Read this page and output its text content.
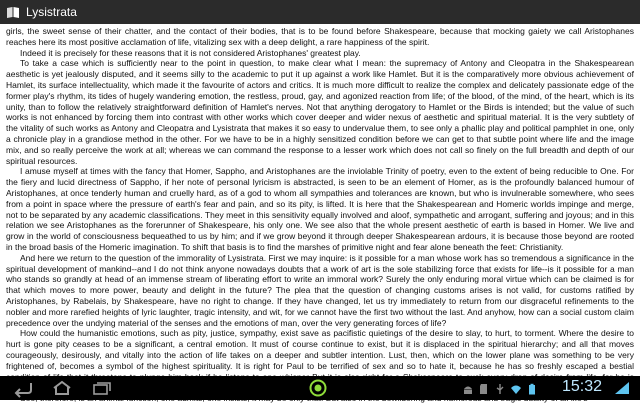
Lysistrata

girls, the sweet sense of their chatter, and the contact of their bodies, that is to be found before Shakespeare, because that mocking gaiety we call Aristophanes reaches here its most positive acclamation of life, vitalizing sex with a deep delight, a rare happiness of the spirit.

Indeed it is precisely for these reasons that it is not considered Aristophanes' greatest play.

To take a case which is sufficiently near to the point in question, to make clear what I mean: the supremacy of Antony and Cleopatra in the Shakespearean aesthetic is yet jealously disputed, and it seems silly to the academic to put it up against a work like Hamlet. But it is the comparatively more obvious achievement of Hamlet, its surface intellectuality, which made it the favourite of actors and critics. It is much more difficult to realize the complex and delicately passionate edge of the former play's rhythm, its tides of hugely wandering emotion, the restless, proud, gay, and agonized reaction from life; of the blood, of the mind, of the heart, which is its unity, than to follow the relatively straightforward definition of Hamlet's nerves. Not that anything derogatory to Hamlet or the Birds is intended; but the value of such works is not enhanced by forcing them into contrast with other works which cover deeper and wider nexus of aesthetic and spiritual material. It is the very subtlety of the vitality of such works as Antony and Cleopatra and Lysistrata that makes it so easy to undervalue them, to see only a phallic play and political pamphlet in one, only a chronicle play in a grandiose method in the other. For we have to be in a highly sensitized condition before we can get to that subtle point where life and the image mix, and so really perceive the work at all; whereas we can command the response to a lesser work which does not call so finely on the full breadth and depth of our spiritual resources.

I amuse myself at times with the fancy that Homer, Sappho, and Aristophanes are the inviolable Trinity of poetry, even to the extent of being reducible to One. For the fiery and lucid directness of Sappho, if her note of personal lyricism is abstracted, is seen to be an element of Homer, as is the profoundly balanced humour of Aristophanes, at once tenderly human and cruelly hard, as of a god to whom all sympathies and tolerances are known, but who is invulnerable somewhere, who sees from a point in space where the pressure of earth's fear and pain, and so its pity, is lifted. It is here that the Shakespearean and Homeric worlds impinge and merge, not to be separated by any academic classifications. They meet in this sensitivity equally involved and aloof, sympathetic and arrogant, suffering and joyous; and in this relation we see Aristophanes as the forerunner of Shakespeare, his only one. We see also that the whole present aesthetic of earth is based in Homer. We live and grow in the world of consciousness bequeathed to us by him; and if we grow beyond it through deeper Shakespearean ardours, it is because those beyond are rooted in the broad basis of the Homeric imagination. To shift that basis is to find the marshes of primitive night and fear alone beneath the feet: Christianity.

And here we return to the question of the immorality of Lysistrata. First we may inquire: is it possible for a man whose work has so tremendous a significance in the spiritual development of mankind--and I do not think anyone nowadays doubts that a work of art is the sole stabilizing force that exists for life--is it possible for a man who stands so grandly at head of an immense stream of liberating effort to write an immoral work? Surely the only enduring moral virtue which can be claimed is for that which moves to more power, beauty and delight in the future? The plea that the question of changing customs arises is not valid, for customs ratified by Aristophanes, by Rabelais, by Shakespeare, have no right to change. If they have changed, let us try immediately to return from our disgraceful refinements to the nobler and more rarefied heights of lyric laughter, tragic intensity, and wit, for we cannot have the first two without the last. And anyhow, how can a social custom claim precedence over the undying material of the senses and the emotions of man, over the very generating forces of life?

How could the humanistic emotions, such as pity, justice, sympathy, exist save as pacifistic quietings of the desire to slay, to hurt, to torment. Where the desire to hurt is gone pity ceases to be a significant, a central emotion. It must of course continue to exist, but it is displaced in the spiritual hierarchy; and all that moves courageously, desirously, and vitally into the action of life takes on a deeper and subtler intention. Lust, then, which on the lower plane was something to be very frightened of, becomes a symbol of the highest spirituality. It is right for Paul to be terrified of sex and so to hate it, because he has so freshly escaped a bestial

15:32
